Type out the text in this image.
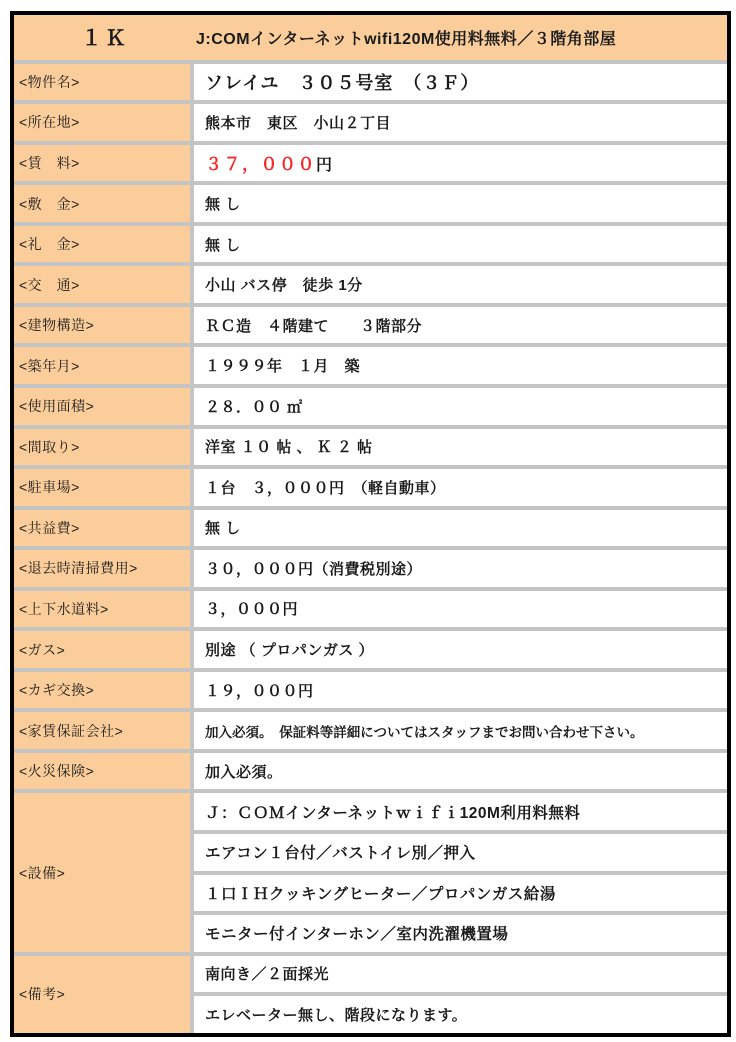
１Ｋ J:COMインターネットwifi120M使用料無料／３階角部屋	

<物件名>	ソレイユ　３０５号室　（３Ｆ）
<所在地>	熊本市　東区　小山２丁目
<賃　料>	３７，０００円
<敷　金>	無 し
<礼　金>	無 し
<交　通>	小山 バス停　徒歩 1分
<建物構造>	ＲＣ造　４階建て　　３階部分
<築年月>	１９９９年　１月　築
<使用面積>	２８．００ ㎡
<間取り>	洋室 １０ 帖 、 Ｋ ２ 帖
<駐車場>	１台　３，０００円　（軽自動車）
<共益費>	無 し
<退去時清掃費用>	３０，０００円（消費税別途）
<上下水道料>	３，０００円
<ガス>	別途 （ プロパンガス ）
<カギ交換>	１９，０００円
<家賃保証会社>	加入必須。　保証料等詳細についてはスタッフまでお問い合わせ下さい。
<火災保険>	加入必須。
<設備>	Ｊ：ＣＯＭインターネットｗｉｆｉ120M利用料無料
	エアコン１台付／バストイレ別／押入
	１口ＩＨクッキングヒーター／プロパンガス給湯
	モニター付インターホン／室内洗濯機置場
<備考>	南向き／２面採光
	エレベーター無し、階段になります。
